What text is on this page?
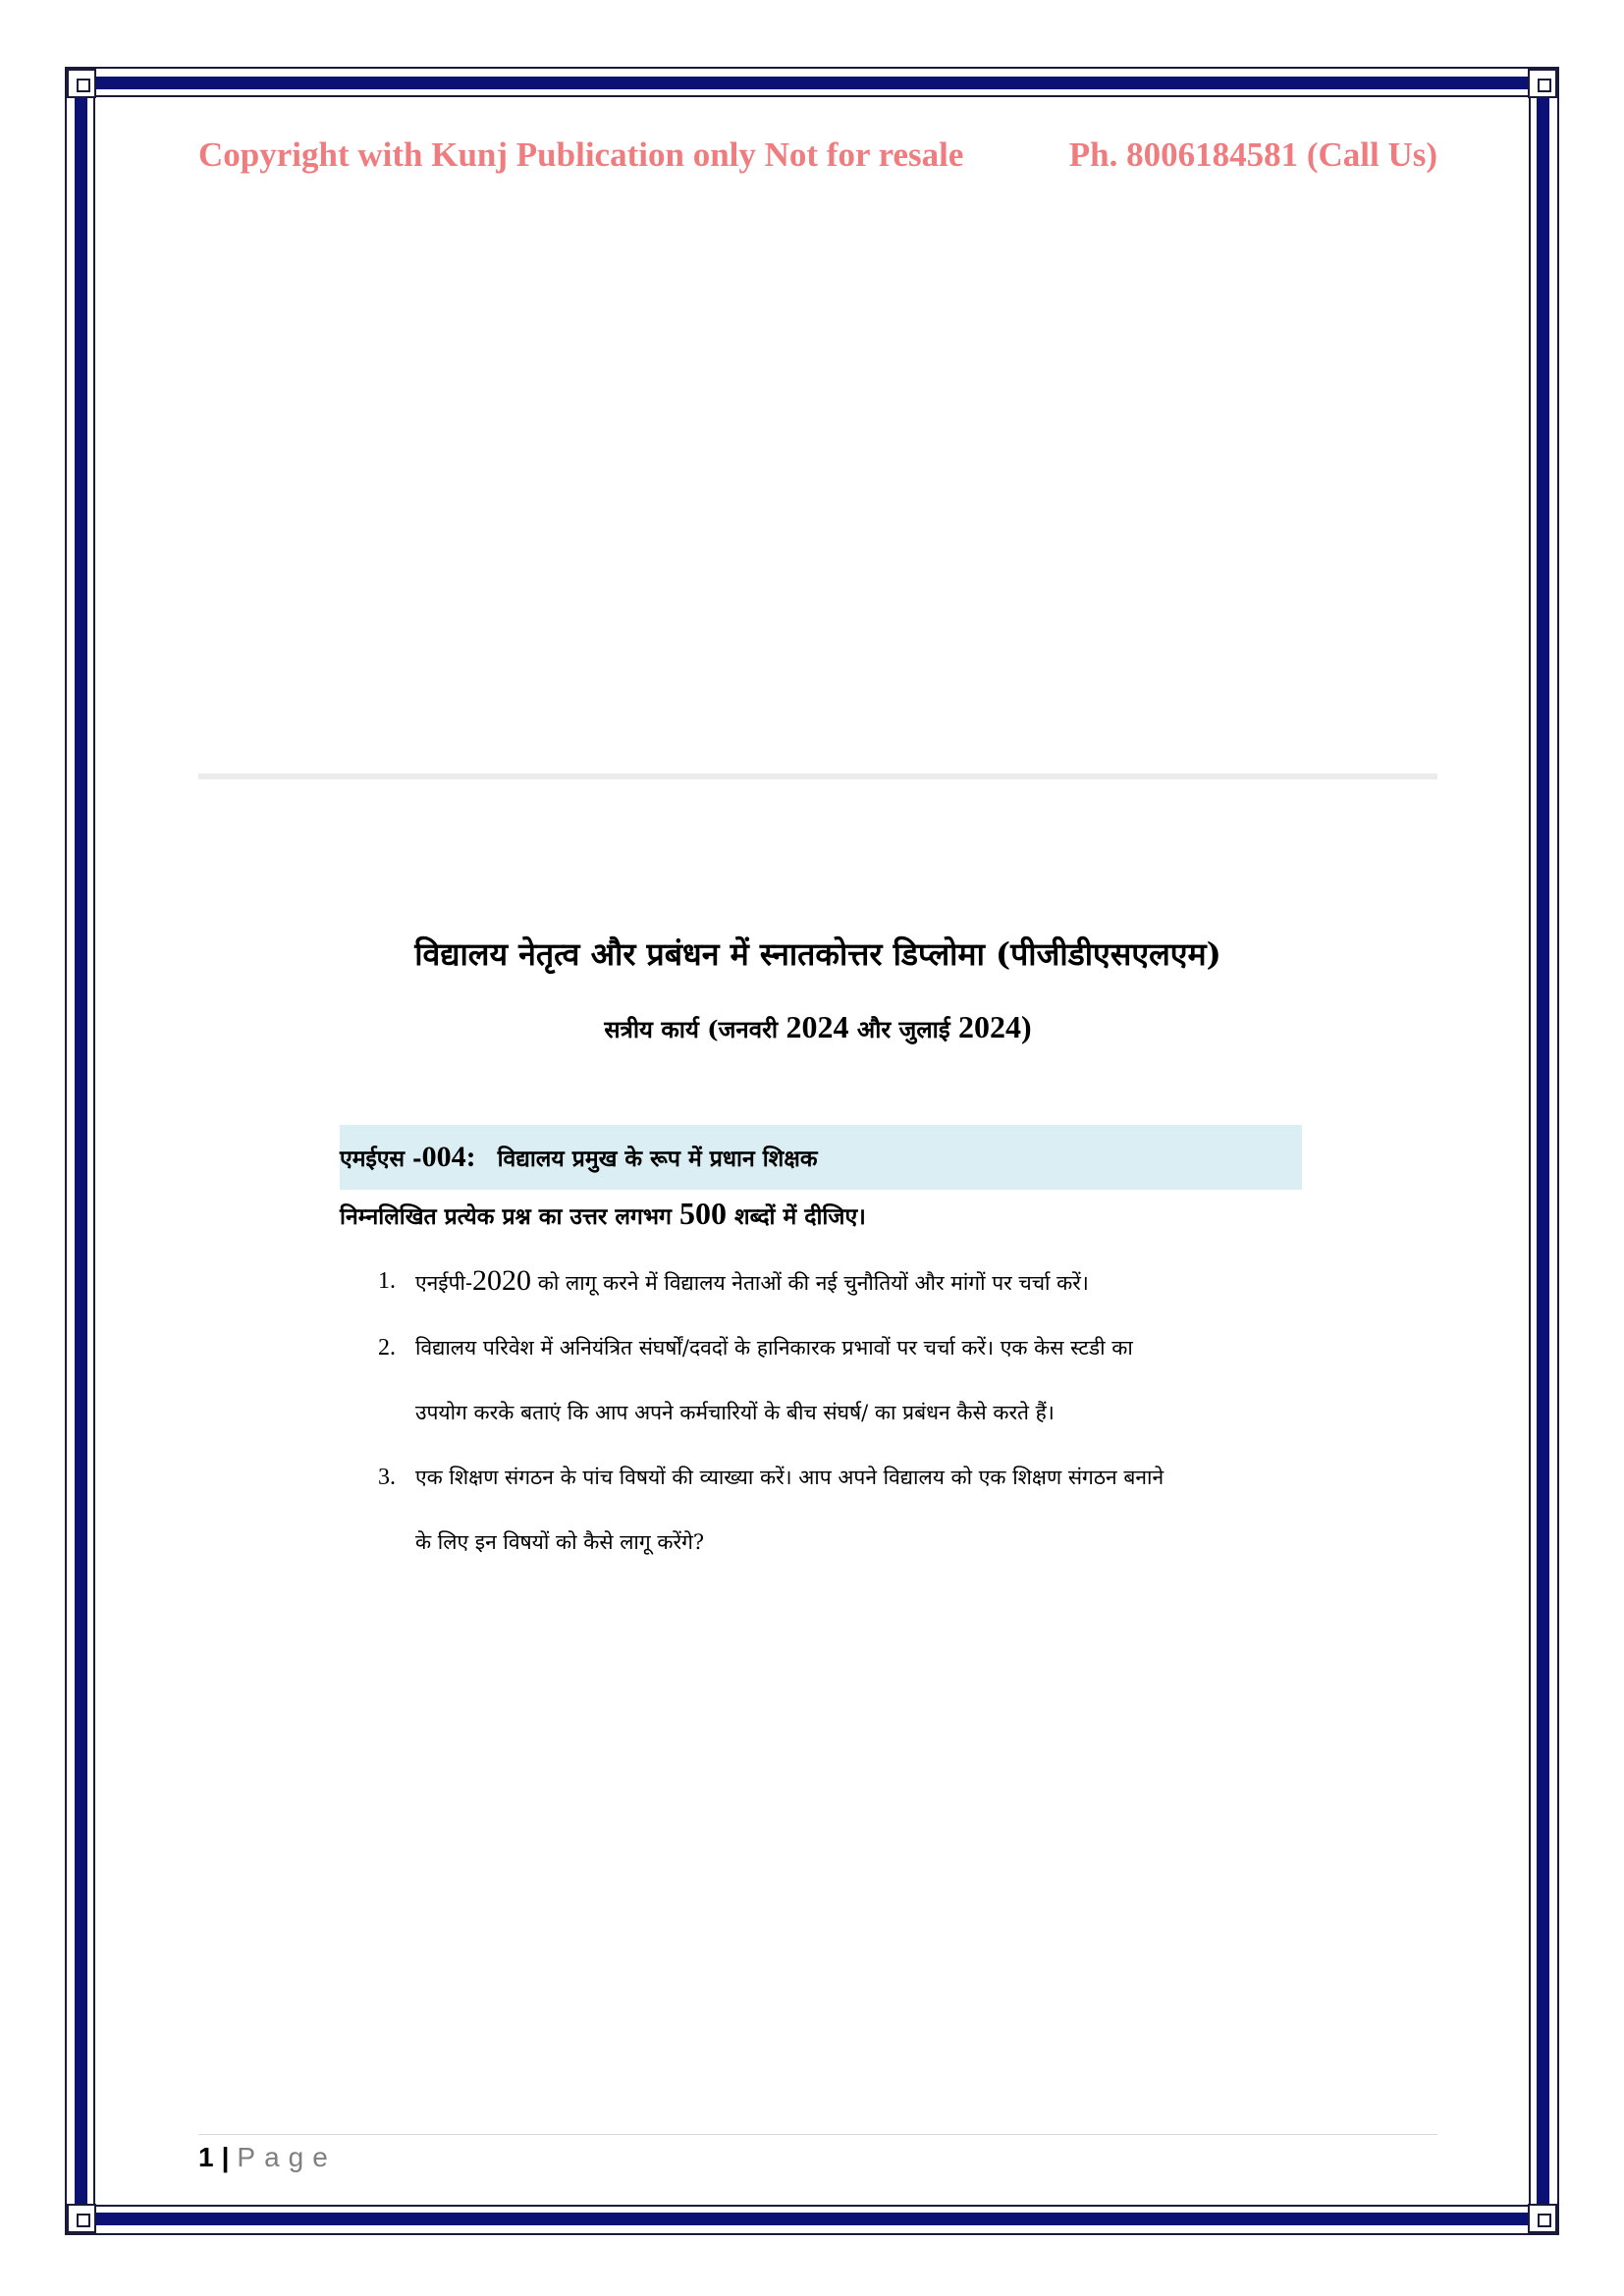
Copyright with Kunj Publication only Not for resale	Ph. 8006184581 (Call Us)
विद्यालय नेतृत्व और प्रबंधन में स्नातकोत्तर डिप्लोमा (पीजीडीएसएलएम)
सत्रीय कार्य (जनवरी 2024 और जुलाई 2024)
एमईएस - 004: विद्यालय प्रमुख के रूप में प्रधान शिक्षक
निम्नलिखित प्रत्येक प्रश्न का उत्तर लगभग 500 शब्दों में दीजिए।
1. एनईपी-2020 को लागू करने में विद्यालय नेताओं की नई चुनौतियों और मांगों पर चर्चा करें।
2. विद्यालय परिवेश में अनियंत्रित संघर्षों/दवदों के हानिकारक प्रभावों पर चर्चा करें। एक केस स्टडी का
उपयोग करके बताएं कि आप अपने कर्मचारियों के बीच संघर्ष/ का प्रबंधन कैसे करते हैं।
3. एक शिक्षण संगठन के पांच विषयों की व्याख्या करें। आप अपने विद्यालय को एक शिक्षण संगठन बनाने
के लिए इन विषयों को कैसे लागू करेंगे?
1 | Page
